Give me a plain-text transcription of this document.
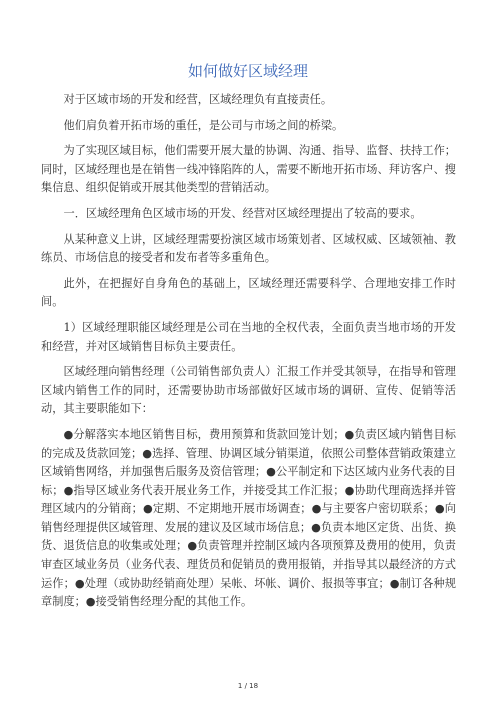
如何做好区域经理

对于区域市场的开发和经营，区域经理负有直接责任。

他们肩负着开拓市场的重任，是公司与市场之间的桥梁。

为了实现区域目标，他们需要开展大量的协调、沟通、指导、监督、扶持工作；同时，区域经理也是在销售一线冲锋陷阵的人，需要不断地开拓市场、拜访客户、搜集信息、组织促销或开展其他类型的营销活动。

一．区域经理角色区域市场的开发、经营对区域经理提出了较高的要求。

从某种意义上讲，区域经理需要扮演区域市场策划者、区域权威、区域领袖、教练员、市场信息的接受者和发布者等多重角色。

此外，在把握好自身角色的基础上，区域经理还需要科学、合理地安排工作时间。

1）区域经理职能区域经理是公司在当地的全权代表，全面负责当地市场的开发和经营，并对区域销售目标负主要责任。

区域经理向销售经理（公司销售部负责人）汇报工作并受其领导，在指导和管理区域内销售工作的同时，还需要协助市场部做好区域市场的调研、宣传、促销等活动，其主要职能如下：

●分解落实本地区销售目标，费用预算和货款回笼计划；●负责区域内销售目标的完成及货款回笼；●选择、管理、协调区域分销渠道，依照公司整体营销政策建立区域销售网络，并加强售后服务及资信管理；●公平制定和下达区域内业务代表的目标；●指导区域业务代表开展业务工作，并接受其工作汇报；●协助代理商选择并管理区域内的分销商；●定期、不定期地开展市场调查；●与主要客户密切联系；●向销售经理提供区域管理、发展的建议及区域市场信息；●负责本地区定货、出货、换货、退货信息的收集或处理；●负责管理并控制区域内各项预算及费用的使用，负责审查区域业务员（业务代表、理货员和促销员的费用报销，并指导其以最经济的方式运作；●处理（或协助经销商处理）呆帐、坏帐、调价、报损等事宜；●制订各种规章制度；●接受销售经理分配的其他工作。

1 / 18
